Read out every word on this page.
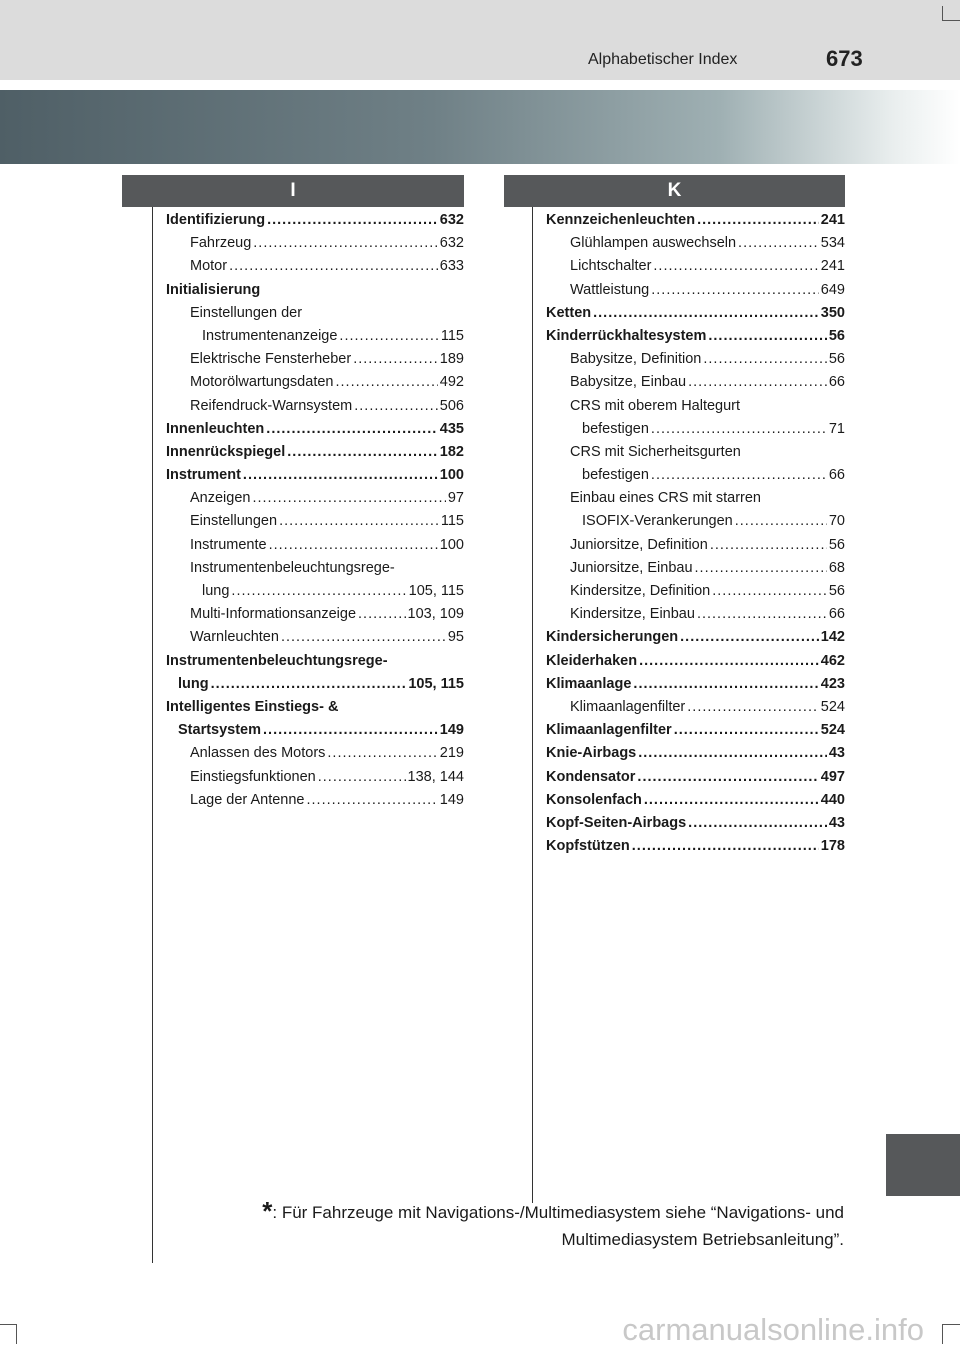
Alphabetischer Index	673
I	K
Identifizierung .....	632
Fahrzeug .....	632
Motor .....	633
Initialisierung
Einstellungen der
Instrumentenanzeige .....	115
Elektrische Fensterheber .....	189
Motorölwartungsdaten .....	492
Reifendruck-Warnsystem .....	506
Innenleuchten .....	435
Innenrückspiegel .....	182
Instrument .....	100
Anzeigen .....	97
Einstellungen .....	115
Instrumente .....	100
Instrumentenbeleuchtungsrege-
lung .....	105, 115
Multi-Informationsanzeige .....	103, 109
Warnleuchten .....	95
Instrumentenbeleuchtungsrege-
lung .....	105, 115
Intelligentes Einstiegs- &
Startsystem .....	149
Anlassen des Motors .....	219
Einstiegsfunktionen .....	138, 144
Lage der Antenne .....	149
Kennzeichenleuchten .....	241
Glühlampen auswechseln .....	534
Lichtschalter .....	241
Wattleistung .....	649
Ketten .....	350
Kinderrückhaltesystem .....	56
Babysitze, Definition .....	56
Babysitze, Einbau .....	66
CRS mit oberem Haltegurt
befestigen .....	71
CRS mit Sicherheitsgurten
befestigen .....	66
Einbau eines CRS mit starren
ISOFIX-Verankerungen .....	70
Juniorsitze, Definition .....	56
Juniorsitze, Einbau .....	68
Kindersitze, Definition .....	56
Kindersitze, Einbau .....	66
Kindersicherungen .....	142
Kleiderhaken .....	462
Klimaanlage .....	423
Klimaanlagenfilter .....	524
Klimaanlagenfilter .....	524
Knie-Airbags .....	43
Kondensator .....	497
Konsolenfach .....	440
Kopf-Seiten-Airbags .....	43
Kopfstützen .....	178
*: Für Fahrzeuge mit Navigations-/Multimediasystem siehe “Navigations- und
Multimediasystem Betriebsanleitung”.
carmanualsonline.info
